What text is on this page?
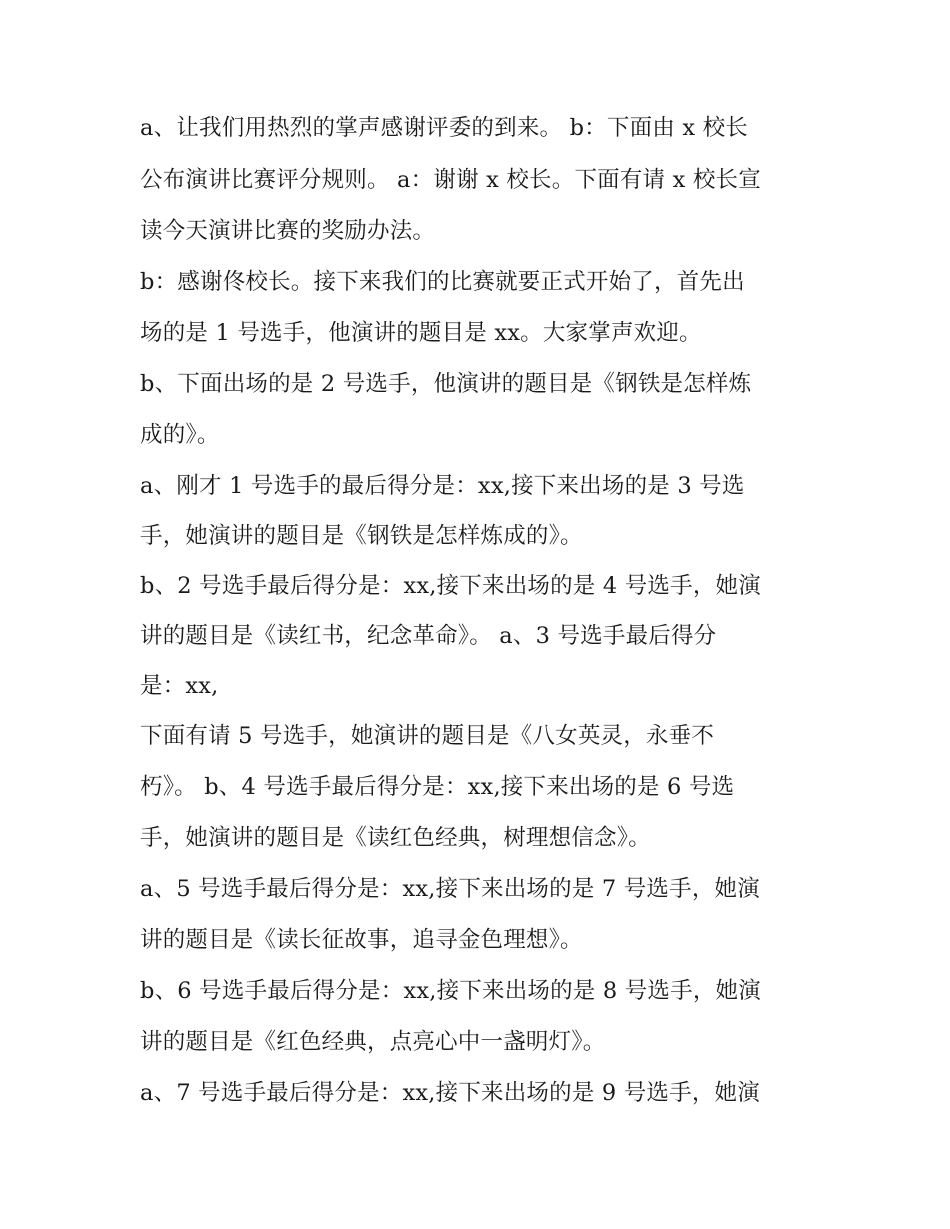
a、让我们用热烈的掌声感谢评委的到来。 b：下面由 x 校长
公布演讲比赛评分规则。 a：谢谢 x 校长。下面有请 x 校长宣
读今天演讲比赛的奖励办法。
b：感谢佟校长。接下来我们的比赛就要正式开始了，首先出
场的是 1 号选手，他演讲的题目是 xx。大家掌声欢迎。
b、下面出场的是 2 号选手，他演讲的题目是《钢铁是怎样炼
成的》。
a、刚才 1 号选手的最后得分是：xx,接下来出场的是 3 号选
手，她演讲的题目是《钢铁是怎样炼成的》。
b、2 号选手最后得分是：xx,接下来出场的是 4 号选手，她演
讲的题目是《读红书，纪念革命》。 a、3 号选手最后得分
是：xx,
下面有请 5 号选手，她演讲的题目是《八女英灵，永垂不
朽》。 b、4 号选手最后得分是：xx,接下来出场的是 6 号选
手，她演讲的题目是《读红色经典，树理想信念》。
a、5 号选手最后得分是：xx,接下来出场的是 7 号选手，她演
讲的题目是《读长征故事，追寻金色理想》。
b、6 号选手最后得分是：xx,接下来出场的是 8 号选手，她演
讲的题目是《红色经典，点亮心中一盏明灯》。
a、7 号选手最后得分是：xx,接下来出场的是 9 号选手，她演
